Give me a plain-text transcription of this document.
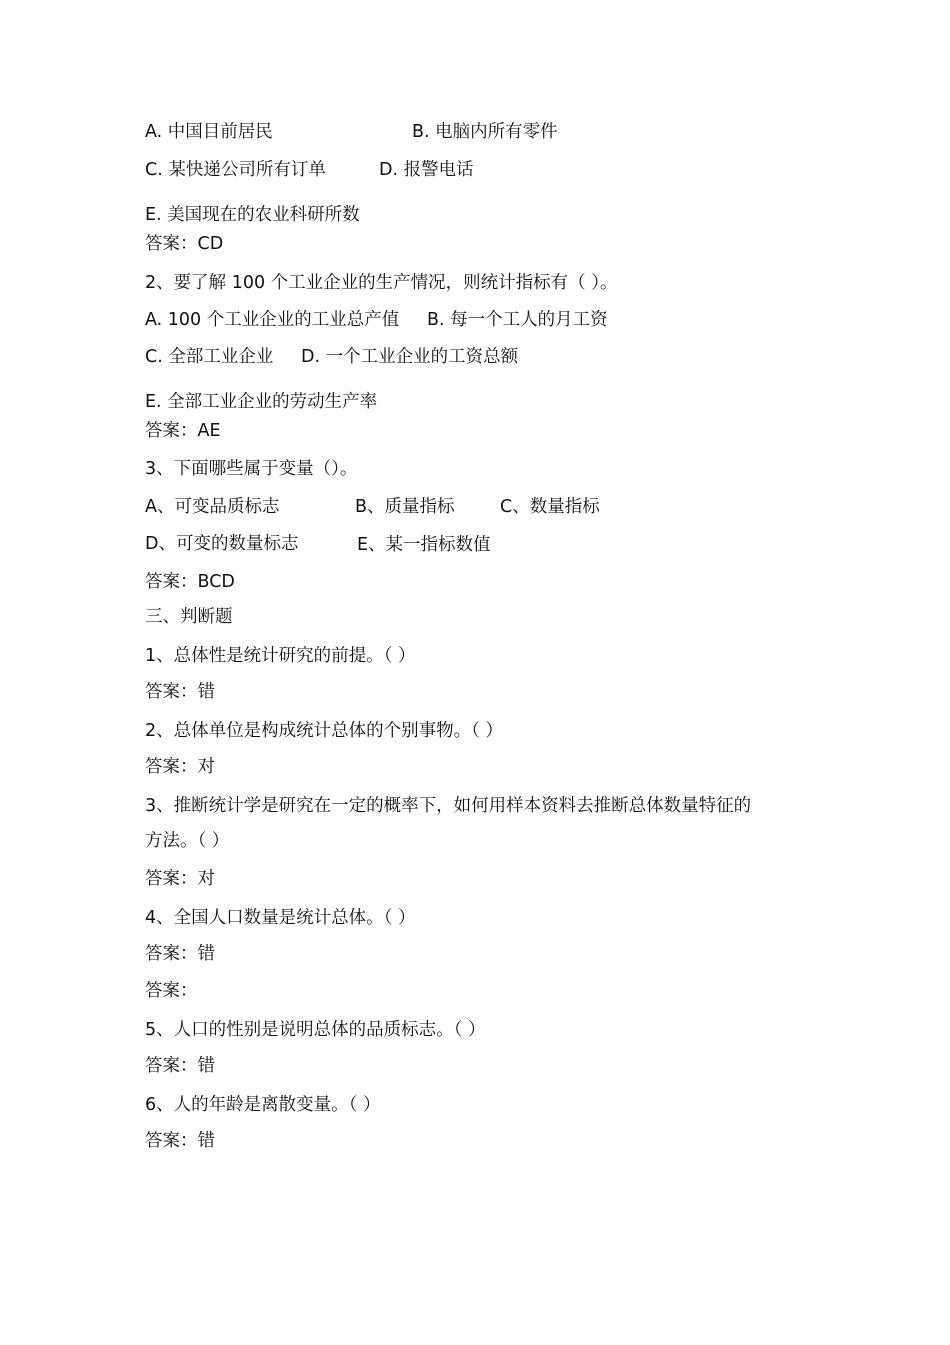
A. 中国目前居民	B. 电脑内所有零件
C. 某快递公司所有订单	D. 报警电话
E. 美国现在的农业科研所数
答案：CD
2、要了解 100 个工业企业的生产情况，则统计指标有（ ）。
A. 100 个工业企业的工业总产值 B. 每一个工人的月工资
C. 全部工业企业 D. 一个工业企业的工资总额
E. 全部工业企业的劳动生产率
答案：AE
3、下面哪些属于变量（）。
A、可变品质标志	B、质量指标	C、数量指标
D、可变的数量标志	E、某一指标数值
答案：BCD
三、判断题
1、总体性是统计研究的前提。（ ）
答案：错
2、总体单位是构成统计总体的个别事物。（ ）
答案：对
3、推断统计学是研究在一定的概率下，如何用样本资料去推断总体数量特征的
方法。（ ）
答案：对
4、全国人口数量是统计总体。（ ）
答案：错
答案：
5、人口的性别是说明总体的品质标志。（ ）
答案：错
6、人的年龄是离散变量。（ ）
答案：错
